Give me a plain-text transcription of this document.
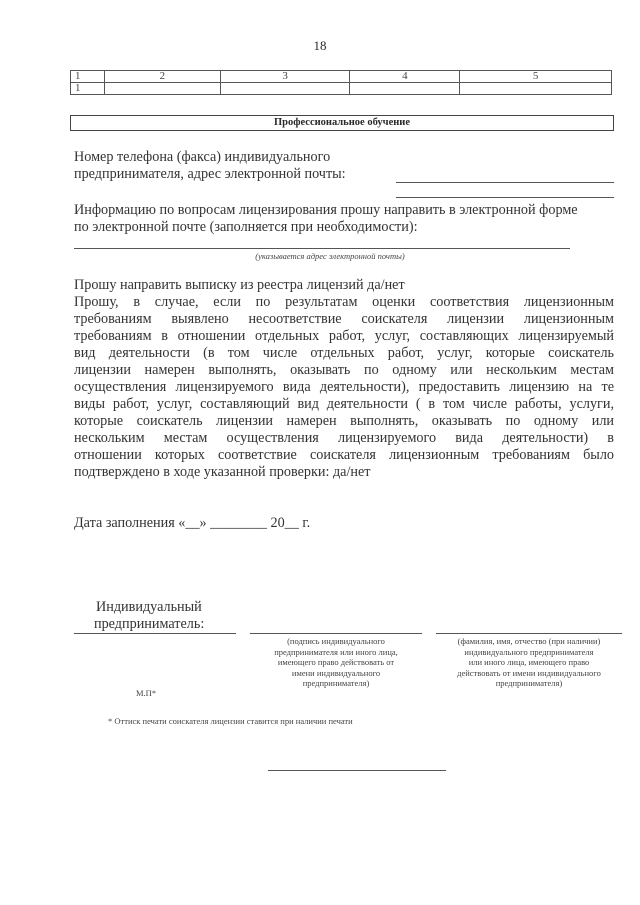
18
1	2	3	4	5
1				
Профессиональное обучение
Номер телефона (факса) индивидуального
предпринимателя, адрес электронной почты:
Информацию по вопросам лицензирования прошу направить в электронной форме
по электронной почте (заполняется при необходимости):
(указывается адрес электронной почты)
Прошу направить выписку из реестра лицензий да/нет
Прошу, в случае, если по результатам оценки соответствия лицензионным
требованиям выявлено несоответствие соискателя лицензии лицензионным
требованиям в отношении отдельных работ, услуг, составляющих лицензируемый
вид деятельности (в том числе отдельных работ, услуг, которые соискатель
лицензии намерен выполнять, оказывать по одному или нескольким местам
осуществления лицензируемого вида деятельности), предоставить лицензию на те
виды работ, услуг, составляющий вид деятельности ( в том числе работы, услуги,
которые соискатель лицензии намерен выполнять, оказывать по одному или
нескольким местам осуществления лицензируемого вида деятельности) в
отношении которых соответствие соискателя лицензионным требованиям было
подтверждено в ходе указанной проверки: да/нет
Дата заполнения «__» ________ 20__ г.
Индивидуальный
предприниматель:
(подпись индивидуального
предпринимателя или иного лица,
имеющего право действовать от
имени индивидуального
предпринимателя)
(фамилия, имя, отчество (при наличии)
индивидуального предпринимателя
или иного лица, имеющего право
действовать от имени индивидуального
предпринимателя)
М.П*
* Оттиск печати соискателя лицензии ставится при наличии печати
